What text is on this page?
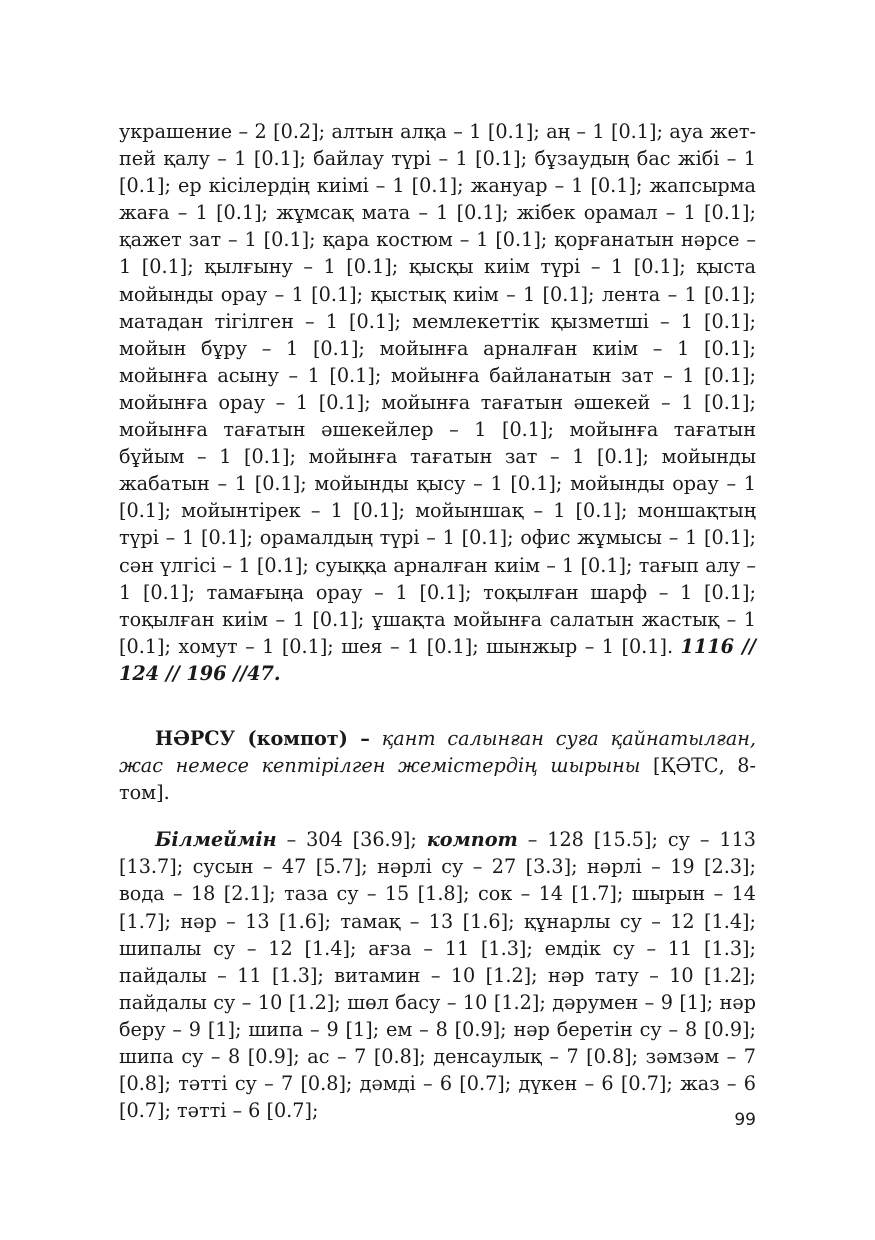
украшение – 2 [0.2]; алтын алқа – 1 [0.1]; аң – 1 [0.1]; ауа жетпей қалу – 1 [0.1]; байлау түрі – 1 [0.1]; бұзаудың бас жібі – 1 [0.1]; ер кісілердің киімі – 1 [0.1]; жануар – 1 [0.1]; жапсырма жаға – 1 [0.1]; жұмсақ мата – 1 [0.1]; жібек орамал – 1 [0.1]; қажет зат – 1 [0.1]; қара костюм – 1 [0.1]; қорғанатын нәрсе – 1 [0.1]; қылғыну – 1 [0.1]; қысқы киім түрі – 1 [0.1]; қыста мойынды орау – 1 [0.1]; қыстық киім – 1 [0.1]; лента – 1 [0.1]; матадан тігілген – 1 [0.1]; мемлекеттік қызметші – 1 [0.1]; мойын бұру – 1 [0.1]; мойынға арналған киім – 1 [0.1]; мойынға асыну – 1 [0.1]; мойынға байланатын зат – 1 [0.1]; мойынға орау – 1 [0.1]; мойынға тағатын әшекей – 1 [0.1]; мойынға тағатын әшекейлер – 1 [0.1]; мойынға тағатын бұйым – 1 [0.1]; мойынға тағатын зат – 1 [0.1]; мойынды жабатын – 1 [0.1]; мойынды қысу – 1 [0.1]; мойынды орау – 1 [0.1]; мойынтірек – 1 [0.1]; мойыншақ – 1 [0.1]; моншақтың түрі – 1 [0.1]; орамалдың түрі – 1 [0.1]; офис жұмысы – 1 [0.1]; сән үлгісі – 1 [0.1]; суыққа арналған киім – 1 [0.1]; тағып алу – 1 [0.1]; тамағыңа орау – 1 [0.1]; тоқылған шарф – 1 [0.1]; тоқылған киім – 1 [0.1]; ұшақта мойынға салатын жастық – 1 [0.1]; хомут – 1 [0.1]; шея – 1 [0.1]; шынжыр – 1 [0.1]. 1116 // 124 // 196 //47.

НӘРСУ (компот) – қант салынған суға қайнатылған, жас немесе кептірілген жемістердің шырыны [ҚӘТС, 8-том].

Білмеймін – 304 [36.9]; компот – 128 [15.5]; су – 113 [13.7]; сусын – 47 [5.7]; нәрлі су – 27 [3.3]; нәрлі – 19 [2.3]; вода – 18 [2.1]; таза су – 15 [1.8]; сок – 14 [1.7]; шырын – 14 [1.7]; нәр – 13 [1.6]; тамақ – 13 [1.6]; құнарлы су – 12 [1.4]; шипалы су – 12 [1.4]; ағза – 11 [1.3]; емдік су – 11 [1.3]; пайдалы – 11 [1.3]; витамин – 10 [1.2]; нәр тату – 10 [1.2]; пайдалы су – 10 [1.2]; шөл басу – 10 [1.2]; дәрумен – 9 [1]; нәр беру – 9 [1]; шипа – 9 [1]; ем – 8 [0.9]; нәр беретін су – 8 [0.9]; шипа су – 8 [0.9]; ас – 7 [0.8]; денсаулық – 7 [0.8]; зәмзәм – 7 [0.8]; тәтті су – 7 [0.8]; дәмді – 6 [0.7]; дүкен – 6 [0.7]; жаз – 6 [0.7]; тәтті – 6 [0.7];	99
